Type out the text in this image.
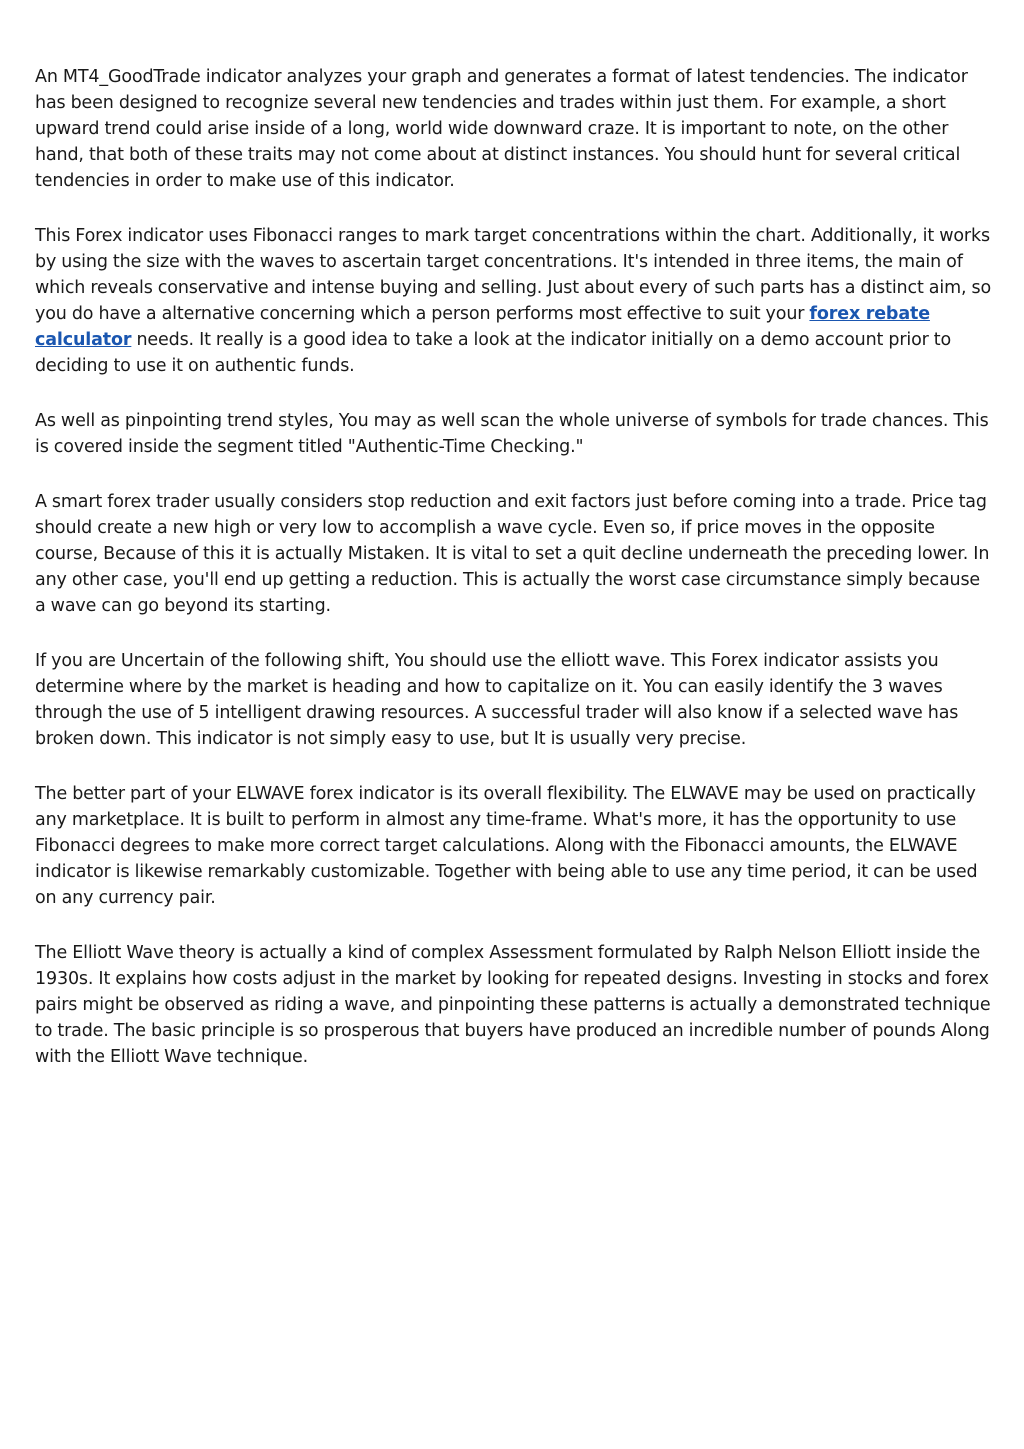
An MT4_GoodTrade indicator analyzes your graph and generates a format of latest tendencies. The indicator has been designed to recognize several new tendencies and trades within just them. For example, a short upward trend could arise inside of a long, world wide downward craze. It is important to note, on the other hand, that both of these traits may not come about at distinct instances. You should hunt for several critical tendencies in order to make use of this indicator.

This Forex indicator uses Fibonacci ranges to mark target concentrations within the chart. Additionally, it works by using the size with the waves to ascertain target concentrations. It's intended in three items, the main of which reveals conservative and intense buying and selling. Just about every of such parts has a distinct aim, so you do have a alternative concerning which a person performs most effective to suit your forex rebate calculator needs. It really is a good idea to take a look at the indicator initially on a demo account prior to deciding to use it on authentic funds.

As well as pinpointing trend styles, You may as well scan the whole universe of symbols for trade chances. This is covered inside the segment titled "Authentic-Time Checking."

A smart forex trader usually considers stop reduction and exit factors just before coming into a trade. Price tag should create a new high or very low to accomplish a wave cycle. Even so, if price moves in the opposite course, Because of this it is actually Mistaken. It is vital to set a quit decline underneath the preceding lower. In any other case, you'll end up getting a reduction. This is actually the worst case circumstance simply because a wave can go beyond its starting.

If you are Uncertain of the following shift, You should use the elliott wave. This Forex indicator assists you determine where by the market is heading and how to capitalize on it. You can easily identify the 3 waves through the use of 5 intelligent drawing resources. A successful trader will also know if a selected wave has broken down. This indicator is not simply easy to use, but It is usually very precise.

The better part of your ELWAVE forex indicator is its overall flexibility. The ELWAVE may be used on practically any marketplace. It is built to perform in almost any time-frame. What's more, it has the opportunity to use Fibonacci degrees to make more correct target calculations. Along with the Fibonacci amounts, the ELWAVE indicator is likewise remarkably customizable. Together with being able to use any time period, it can be used on any currency pair.

The Elliott Wave theory is actually a kind of complex Assessment formulated by Ralph Nelson Elliott inside the 1930s. It explains how costs adjust in the market by looking for repeated designs. Investing in stocks and forex pairs might be observed as riding a wave, and pinpointing these patterns is actually a demonstrated technique to trade. The basic principle is so prosperous that buyers have produced an incredible number of pounds Along with the Elliott Wave technique.
